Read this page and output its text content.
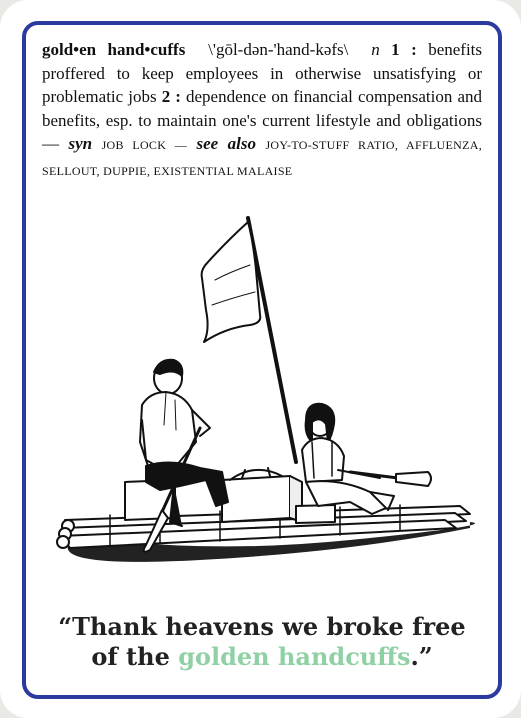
gold•en hand•cuffs \'gōl-dən-'hand-kəfs\ n 1 : benefits proffered to keep employees in otherwise unsatisfying or problematic jobs 2 : dependence on financial compensation and benefits, esp. to maintain one's current lifestyle and obligations — syn JOB LOCK — see also JOY-TO-STUFF RATIO, AFFLUENZA, SELLOUT, DUPPIE, EXISTENTIAL MALAISE
“Thank heavens we broke free
of the golden handcuffs.”
